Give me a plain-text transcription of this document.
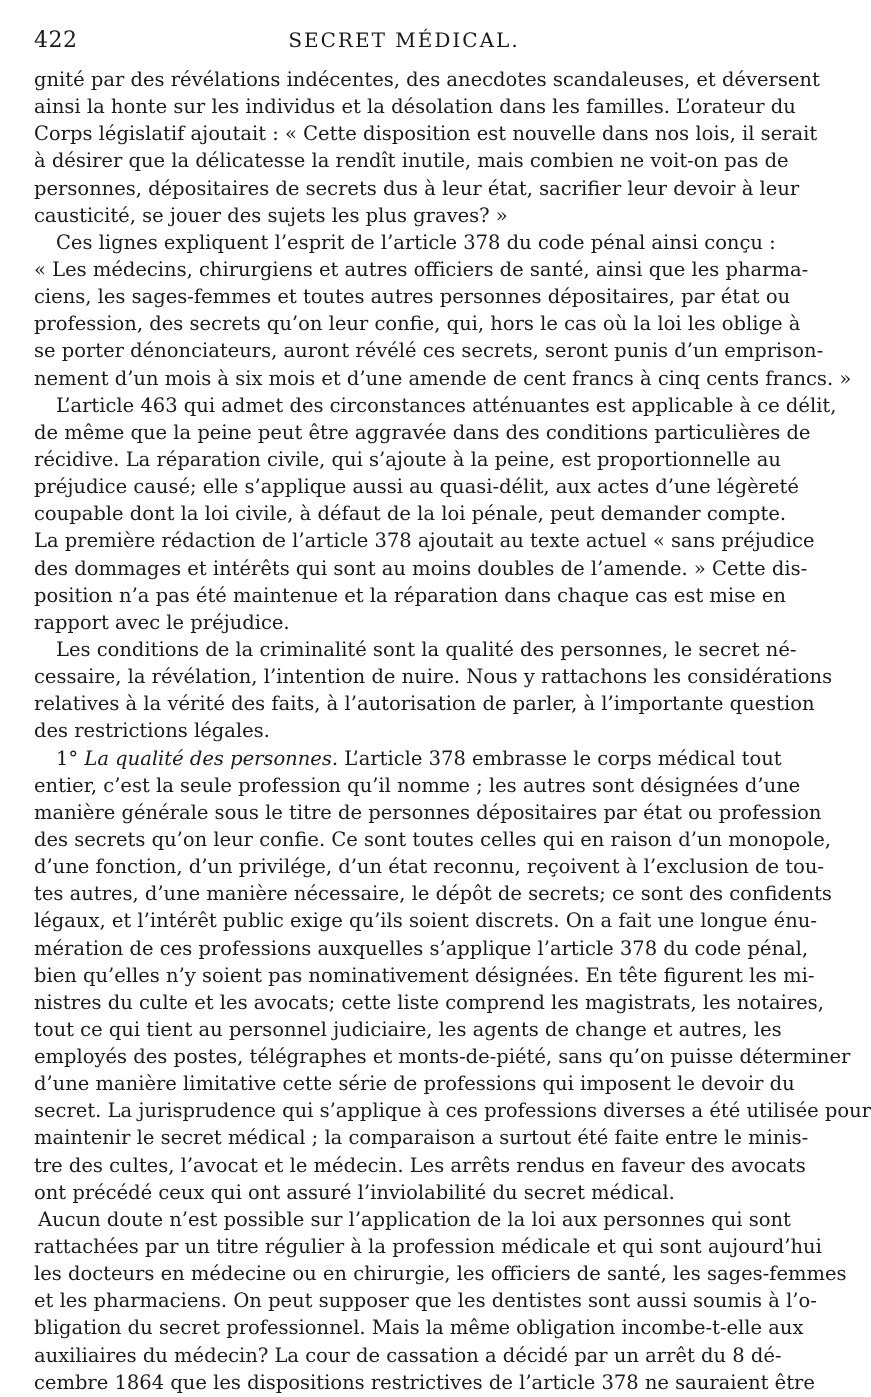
422	SECRET MÉDICAL.
gnité par des révélations indécentes, des anecdotes scandaleuses, et déversent
ainsi la honte sur les individus et la désolation dans les familles. L’orateur du
Corps législatif ajoutait : « Cette disposition est nouvelle dans nos lois, il serait
à désirer que la délicatesse la rendît inutile, mais combien ne voit-on pas de
personnes, dépositaires de secrets dus à leur état, sacrifier leur devoir à leur
causticité, se jouer des sujets les plus graves? »
Ces lignes expliquent l’esprit de l’article 378 du code pénal ainsi conçu :
« Les médecins, chirurgiens et autres officiers de santé, ainsi que les pharma-
ciens, les sages-femmes et toutes autres personnes dépositaires, par état ou
profession, des secrets qu’on leur confie, qui, hors le cas où la loi les oblige à
se porter dénonciateurs, auront révélé ces secrets, seront punis d’un emprison-
nement d’un mois à six mois et d’une amende de cent francs à cinq cents francs. »
L’article 463 qui admet des circonstances atténuantes est applicable à ce délit,
de même que la peine peut être aggravée dans des conditions particulières de
récidive. La réparation civile, qui s’ajoute à la peine, est proportionnelle au
préjudice causé; elle s’applique aussi au quasi-délit, aux actes d’une légèreté
coupable dont la loi civile, à défaut de la loi pénale, peut demander compte.
La première rédaction de l’article 378 ajoutait au texte actuel « sans préjudice
des dommages et intérêts qui sont au moins doubles de l’amende. » Cette dis-
position n’a pas été maintenue et la réparation dans chaque cas est mise en
rapport avec le préjudice.
Les conditions de la criminalité sont la qualité des personnes, le secret né-
cessaire, la révélation, l’intention de nuire. Nous y rattachons les considérations
relatives à la vérité des faits, à l’autorisation de parler, à l’importante question
des restrictions légales.
1° La qualité des personnes. L’article 378 embrasse le corps médical tout
entier, c’est la seule profession qu’il nomme ; les autres sont désignées d’une
manière générale sous le titre de personnes dépositaires par état ou profession
des secrets qu’on leur confie. Ce sont toutes celles qui en raison d’un monopole,
d’une fonction, d’un privilége, d’un état reconnu, reçoivent à l’exclusion de tou-
tes autres, d’une manière nécessaire, le dépôt de secrets; ce sont des confidents
légaux, et l’intérêt public exige qu’ils soient discrets. On a fait une longue énu-
mération de ces professions auxquelles s’applique l’article 378 du code pénal,
bien qu’elles n’y soient pas nominativement désignées. En tête figurent les mi-
nistres du culte et les avocats; cette liste comprend les magistrats, les notaires,
tout ce qui tient au personnel judiciaire, les agents de change et autres, les
employés des postes, télégraphes et monts-de-piété, sans qu’on puisse déterminer
d’une manière limitative cette série de professions qui imposent le devoir du
secret. La jurisprudence qui s’applique à ces professions diverses a été utilisée pour
maintenir le secret médical ; la comparaison a surtout été faite entre le minis-
tre des cultes, l’avocat et le médecin. Les arrêts rendus en faveur des avocats
ont précédé ceux qui ont assuré l’inviolabilité du secret médical.
Aucun doute n’est possible sur l’application de la loi aux personnes qui sont
rattachées par un titre régulier à la profession médicale et qui sont aujourd’hui
les docteurs en médecine ou en chirurgie, les officiers de santé, les sages-femmes
et les pharmaciens. On peut supposer que les dentistes sont aussi soumis à l’o-
bligation du secret professionnel. Mais la même obligation incombe-t-elle aux
auxiliaires du médecin? La cour de cassation a décidé par un arrêt du 8 dé-
cembre 1864 que les dispositions restrictives de l’article 378 ne sauraient être
